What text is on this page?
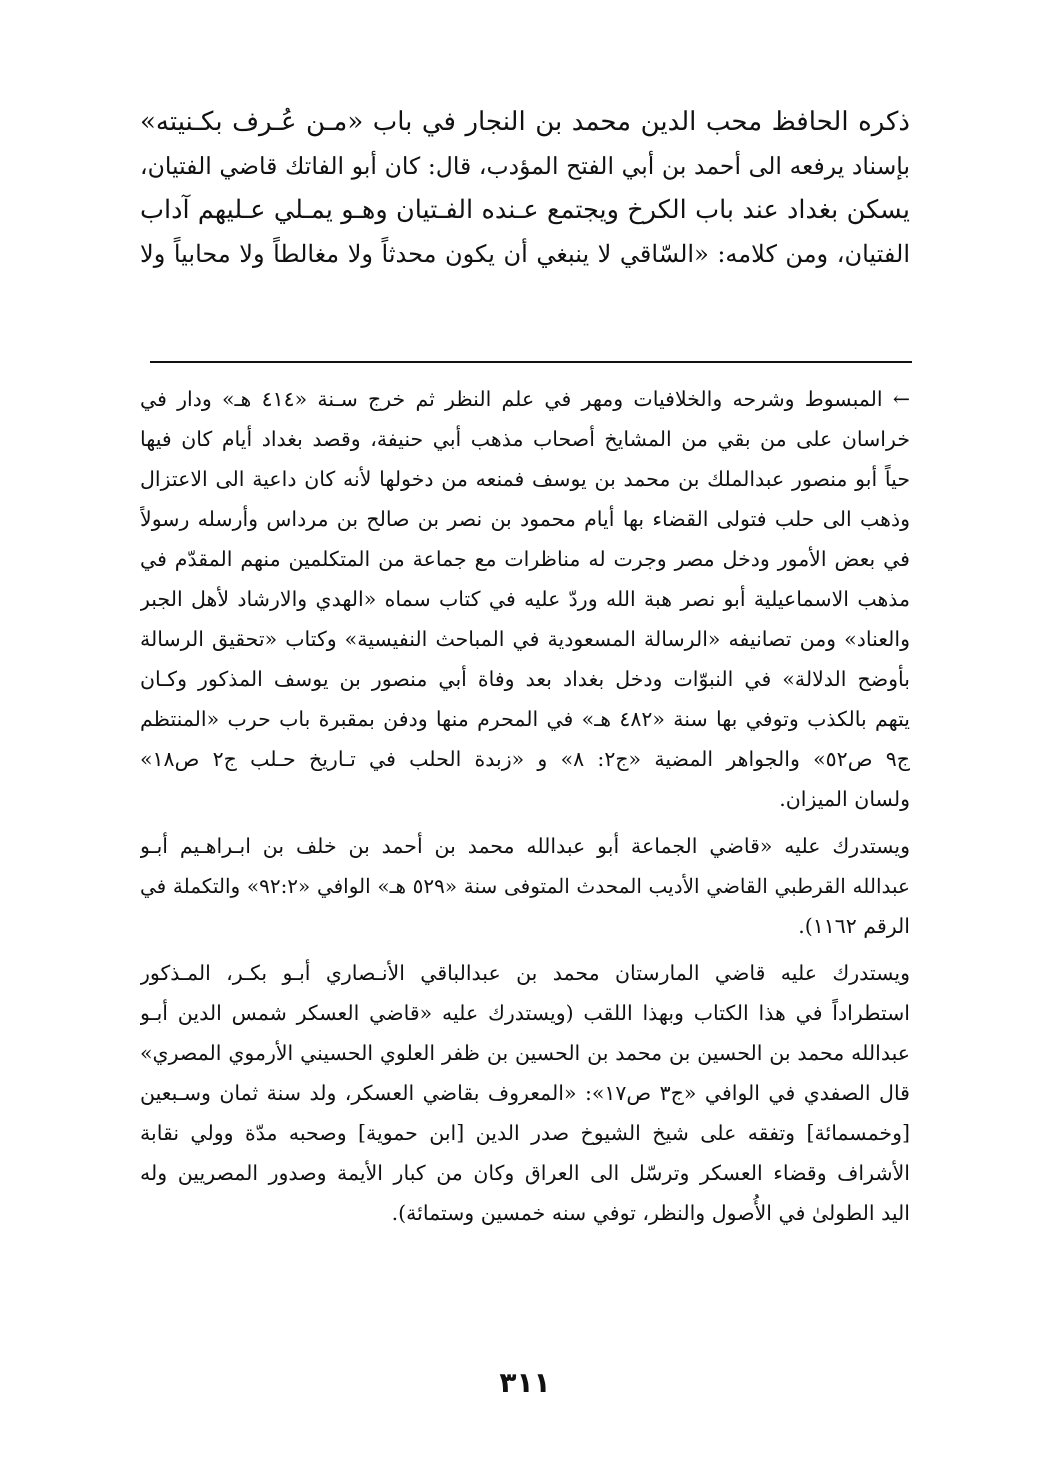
ذكره الحافظ محب الدين محمد بن النجار في باب «مـن عُـرف بكـنيته»
بإسناد يرفعه الى أحمد بن أبي الفتح المؤدب، قال: كان أبو الفاتك قاضي الفتيان،
يسكن بغداد عند باب الكرخ ويجتمع عـنده الفـتيان وهـو يمـلي عـليهم آداب
الفتيان، ومن كلامه: «السّاقي لا ينبغي أن يكون محدثاً ولا مغالطاً ولا محابياً ولا

← المبسوط وشرحه والخلافيات ومهر في علم النظر ثم خرج سـنة «٤١٤ هـ» ودار في
خراسان على من بقي من المشايخ أصحاب مذهب أبي حنيفة، وقصد بغداد أيام كان فيها
حياً أبو منصور عبدالملك بن محمد بن يوسف فمنعه من دخولها لأنه كان داعية الى الاعتزال
وذهب الى حلب فتولى القضاء بها أيام محمود بن نصر بن صالح بن مرداس وأرسله رسولاً
في بعض الأمور ودخل مصر وجرت له مناظرات مع جماعة من المتكلمين منهم المقدّم في
مذهب الاسماعيلية أبو نصر هبة الله وردّ عليه في كتاب سماه «الهدي والارشاد لأهل الجبر
والعناد» ومن تصانيفه «الرسالة المسعودية في المباحث النفيسية» وكتاب «تحقيق الرسالة
بأوضح الدلالة» في النبوّات ودخل بغداد بعد وفاة أبي منصور بن يوسف المذكور وكـان
يتهم بالكذب وتوفي بها سنة «٤٨٢ هـ» في المحرم منها ودفن بمقبرة باب حرب «المنتظم
ج٩ ص٥٢» والجواهر المضية «ج٢: ٨» و «زبدة الحلب في تـاريخ حـلب ج٢ ص١٨»
ولسان الميزان.

ويستدرك عليه «قاضي الجماعة أبو عبدالله محمد بن أحمد بن خلف بن ابـراهـيم أبـو
عبدالله القرطبي القاضي الأديب المحدث المتوفى سنة «٥٢٩ هـ» الوافي «٩٢:٢» والتكملة في
الرقم ١١٦٢).

ويستدرك عليه قاضي المارستان محمد بن عبدالباقي الأنـصاري أبـو بكـر، المـذكور
استطراداً في هذا الكتاب وبهذا اللقب (ويستدرك عليه «قاضي العسكر شمس الدين أبـو
عبدالله محمد بن الحسين بن محمد بن الحسين بن ظفر العلوي الحسيني الأرموي المصري»
قال الصفدي في الوافي «ج٣ ص١٧»: «المعروف بقاضي العسكر، ولد سنة ثمان وسـبعين
[وخمسمائة] وتفقه على شيخ الشيوخ صدر الدين [ابن حموية] وصحبه مدّة وولي نقابة
الأشراف وقضاء العسكر وترسّل الى العراق وكان من كبار الأيمة وصدور المصريين وله
اليد الطولىٰ في الأُصول والنظر، توفي سنه خمسين وستمائة).

٣١١
